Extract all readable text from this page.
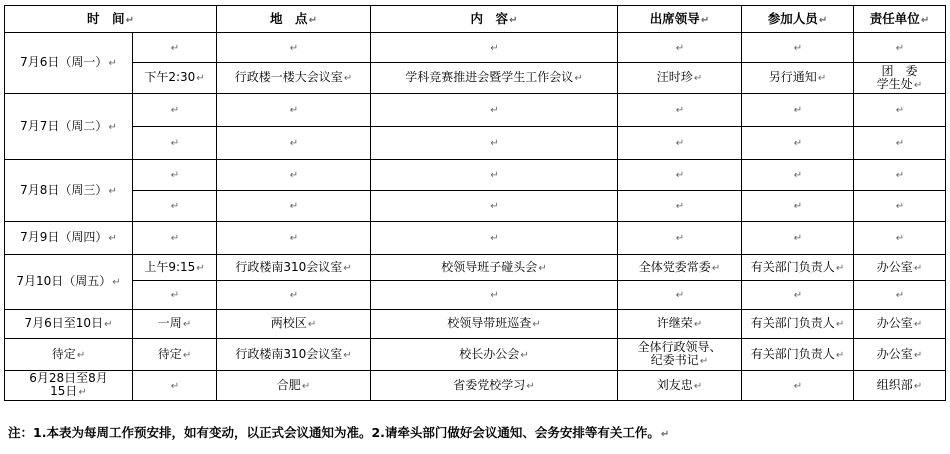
时　间↵		地　点↵	内　容↵	出席领导↵	参加人员↵	责任单位↵
7月6日（周一）↵	↵	↵	↵	↵	↵	↵
	下午2:30↵	行政楼一楼大会议室↵	学科竞赛推进会暨学生工作会议↵	汪时珍↵	另行通知↵	团　委
学生处↵
7月7日（周二）↵	↵	↵	↵	↵	↵	↵
	↵	↵	↵	↵	↵	↵
7月8日（周三）↵	↵	↵	↵	↵	↵	↵
	↵	↵	↵	↵	↵	↵
7月9日（周四）↵	↵	↵	↵	↵	↵	↵
7月10日（周五）↵	上午9:15↵	行政楼南310会议室↵	校领导班子碰头会↵	全体党委常委↵	有关部门负责人↵	办公室↵
	↵	↵	↵	↵	↵	↵
7月6日至10日↵	一周↵	两校区↵	校领导带班巡查↵	许继荣↵	有关部门负责人↵	办公室↵
待定↵	待定↵	行政楼南310会议室↵	校长办公会↵	全体行政领导、
纪委书记↵	有关部门负责人↵	办公室↵
6月28日至8月
15日↵	↵	合肥↵	省委党校学习↵	刘友忠↵	↵	组织部↵
注：1.本表为每周工作预安排，如有变动，以正式会议通知为准。2.请牵头部门做好会议通知、会务安排等有关工作。↵
